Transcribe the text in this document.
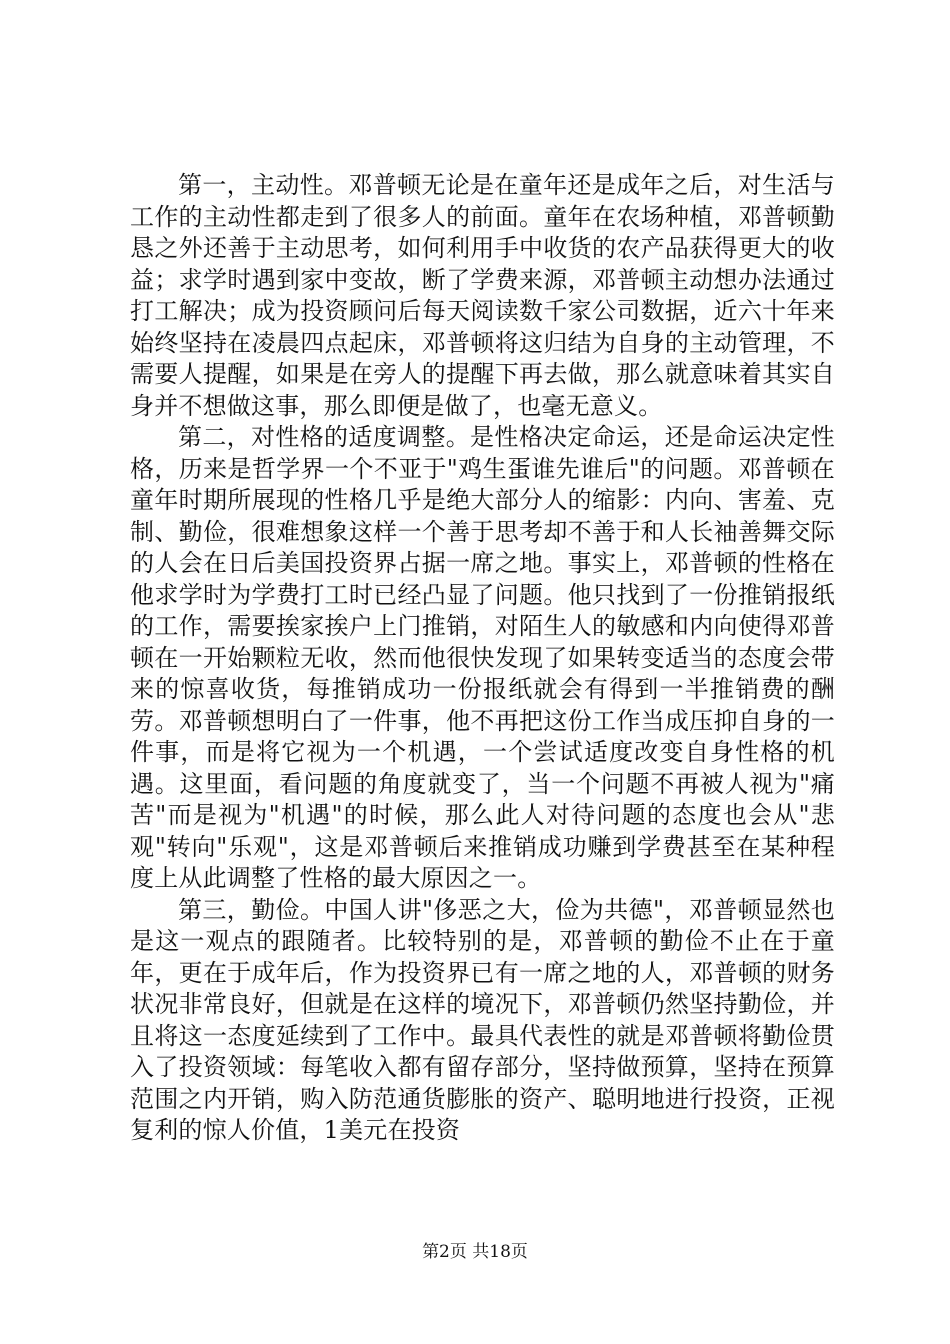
第一，主动性。邓普顿无论是在童年还是成年之后，对生活与工作的主动性都走到了很多人的前面。童年在农场种植，邓普顿勤恳之外还善于主动思考，如何利用手中收货的农产品获得更大的收益；求学时遇到家中变故，断了学费来源，邓普顿主动想办法通过打工解决；成为投资顾问后每天阅读数千家公司数据，近六十年来始终坚持在凌晨四点起床，邓普顿将这归结为自身的主动管理，不需要人提醒，如果是在旁人的提醒下再去做，那么就意味着其实自身并不想做这事，那么即便是做了，也毫无意义。

第二，对性格的适度调整。是性格决定命运，还是命运决定性格，历来是哲学界一个不亚于"鸡生蛋谁先谁后"的问题。邓普顿在童年时期所展现的性格几乎是绝大部分人的缩影：内向、害羞、克制、勤俭，很难想象这样一个善于思考却不善于和人长袖善舞交际的人会在日后美国投资界占据一席之地。事实上，邓普顿的性格在他求学时为学费打工时已经凸显了问题。他只找到了一份推销报纸的工作，需要挨家挨户上门推销，对陌生人的敏感和内向使得邓普顿在一开始颗粒无收，然而他很快发现了如果转变适当的态度会带来的惊喜收货，每推销成功一份报纸就会有得到一半推销费的酬劳。邓普顿想明白了一件事，他不再把这份工作当成压抑自身的一件事，而是将它视为一个机遇，一个尝试适度改变自身性格的机遇。这里面，看问题的角度就变了，当一个问题不再被人视为"痛苦"而是视为"机遇"的时候，那么此人对待问题的态度也会从"悲观"转向"乐观"，这是邓普顿后来推销成功赚到学费甚至在某种程度上从此调整了性格的最大原因之一。

第三，勤俭。中国人讲"侈恶之大，俭为共德"，邓普顿显然也是这一观点的跟随者。比较特别的是，邓普顿的勤俭不止在于童年，更在于成年后，作为投资界已有一席之地的人，邓普顿的财务状况非常良好，但就是在这样的境况下，邓普顿仍然坚持勤俭，并且将这一态度延续到了工作中。最具代表性的就是邓普顿将勤俭贯入了投资领域：每笔收入都有留存部分，坚持做预算，坚持在预算范围之内开销，购入防范通货膨胀的资产、聪明地进行投资，正视复利的惊人价值，1美元在投资

第2页 共18页
